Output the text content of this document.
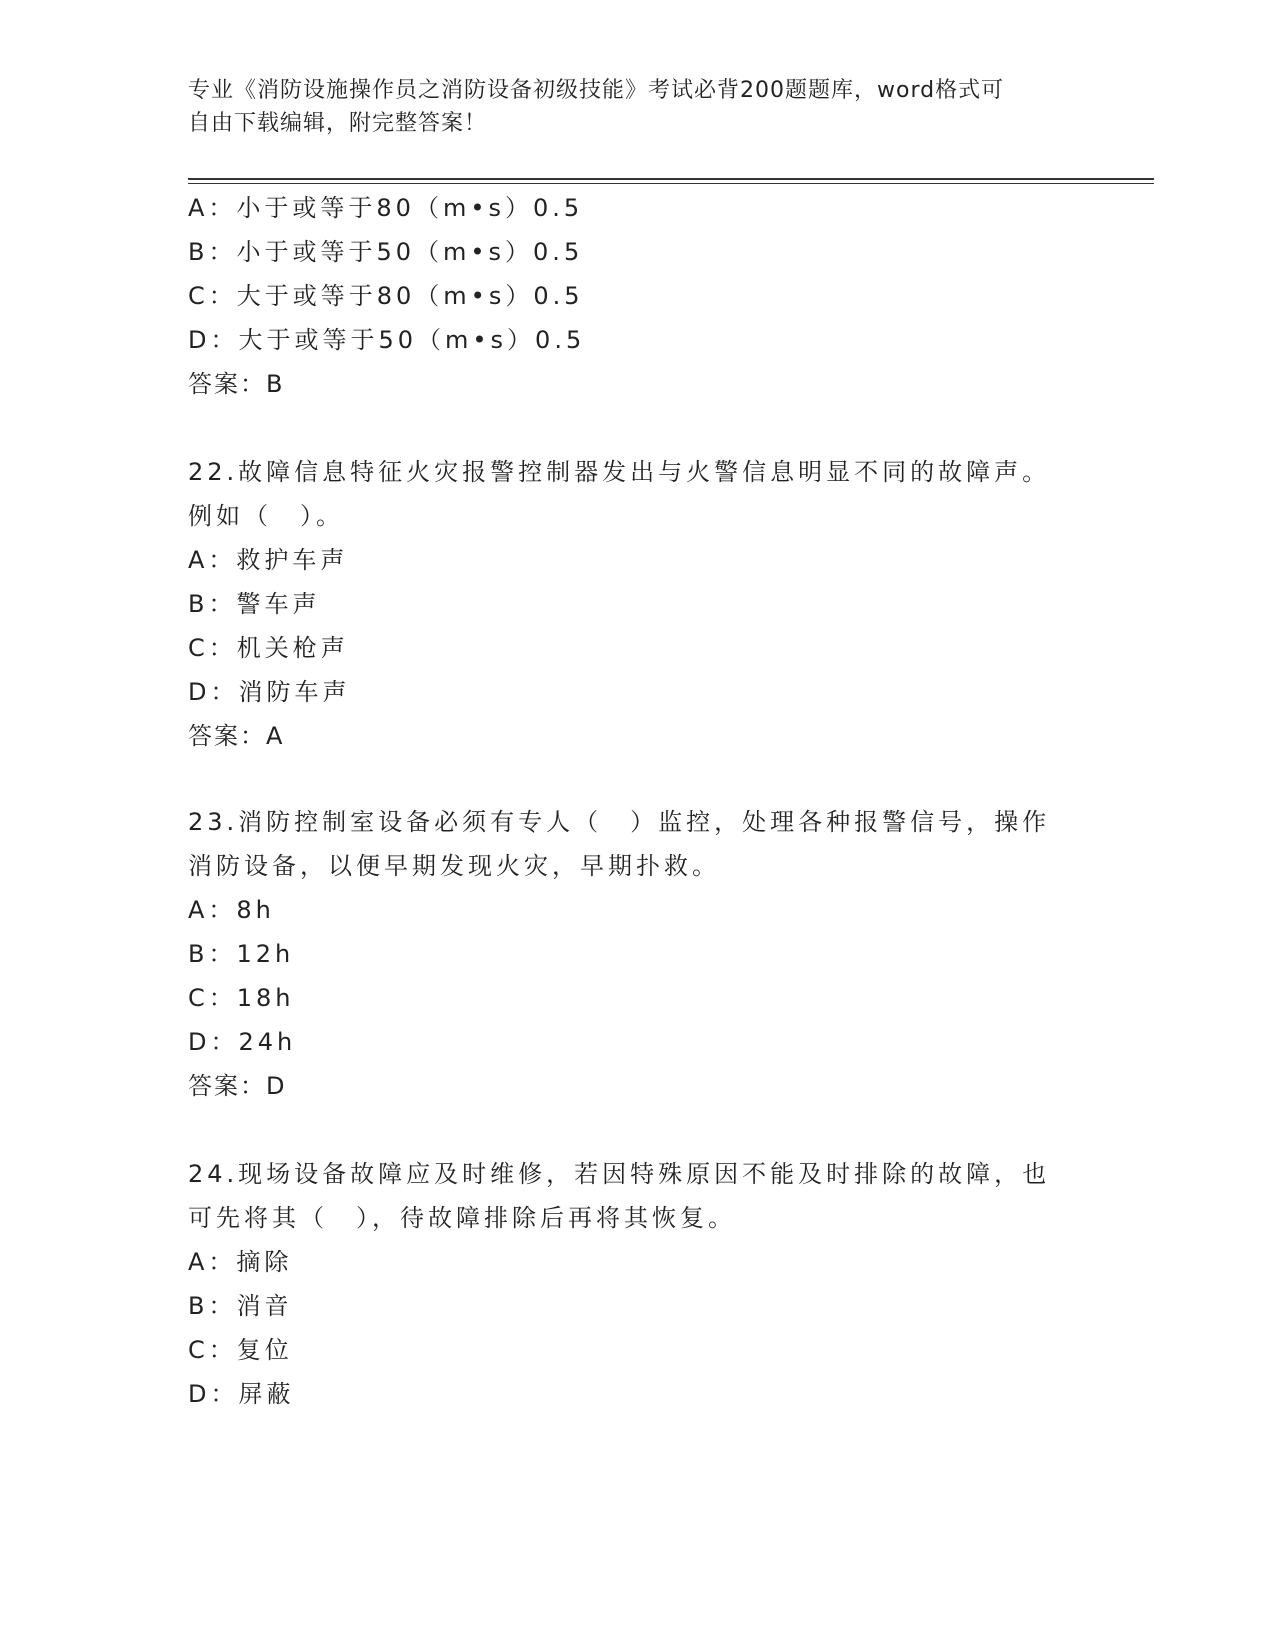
专业《消防设施操作员之消防设备初级技能》考试必背200题题库，word格式可
自由下载编辑，附完整答案！
A：小于或等于80（m•s）0.5
B：小于或等于50（m•s）0.5
C：大于或等于80（m•s）0.5
D：大于或等于50（m•s）0.5
答案：B
22.故障信息特征火灾报警控制器发出与火警信息明显不同的故障声。
例如（　）。
A：救护车声
B：警车声
C：机关枪声
D：消防车声
答案：A
23.消防控制室设备必须有专人（　）监控，处理各种报警信号，操作
消防设备，以便早期发现火灾，早期扑救。
A：8h
B：12h
C：18h
D：24h
答案：D
24.现场设备故障应及时维修，若因特殊原因不能及时排除的故障，也
可先将其（　），待故障排除后再将其恢复。
A：摘除
B：消音
C：复位
D：屏蔽
